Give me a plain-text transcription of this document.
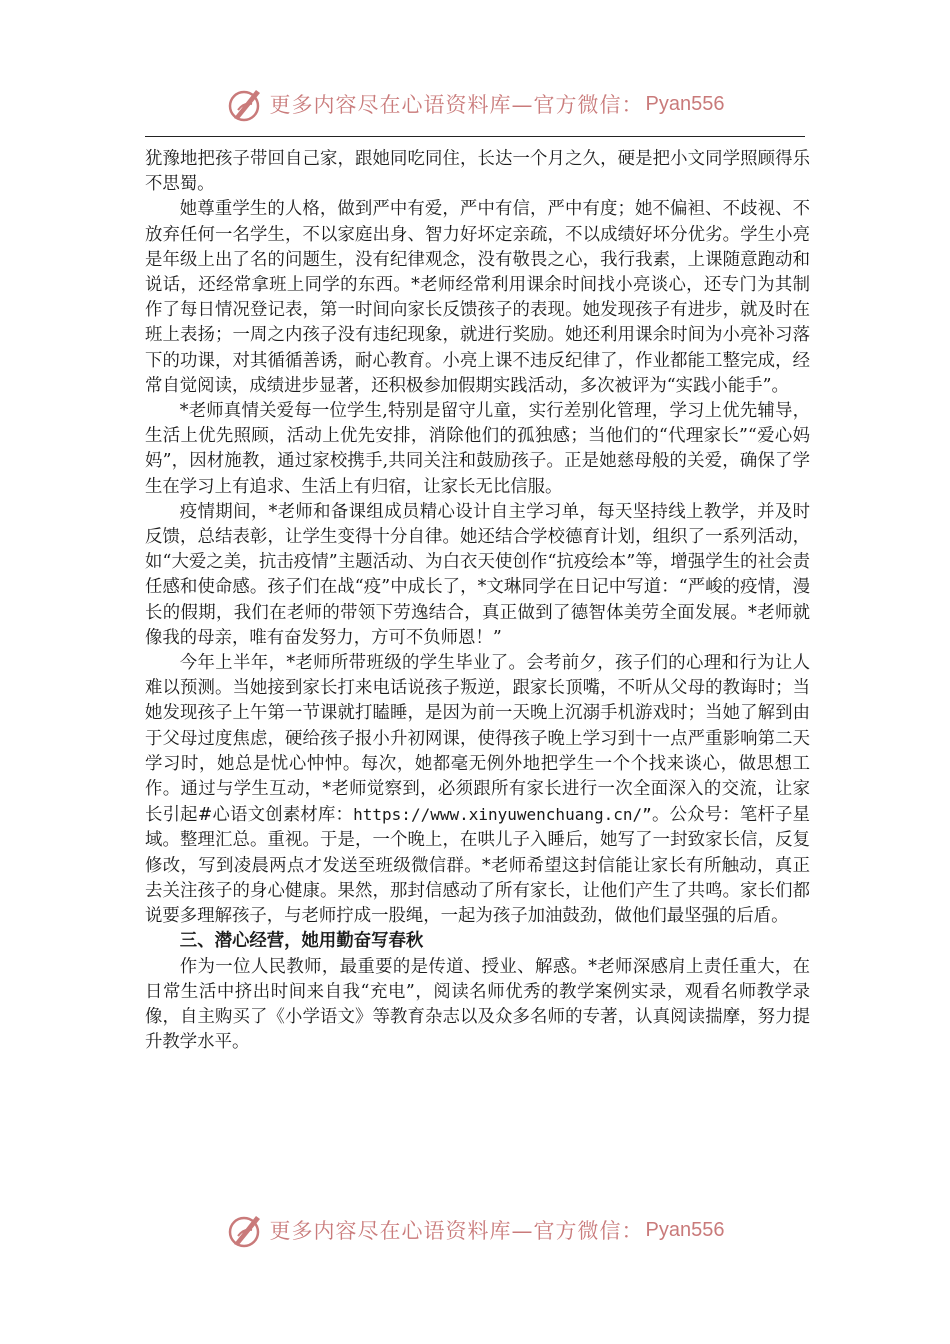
更多内容尽在心语资料库—官方微信： Pyan556

犹豫地把孩子带回自己家，跟她同吃同住，长达一个月之久，硬是把小文同学照顾得乐不思蜀。

她尊重学生的人格，做到严中有爱，严中有信，严中有度；她不偏袒、不歧视、不放弃任何一名学生，不以家庭出身、智力好坏定亲疏，不以成绩好坏分优劣。学生小亮是年级上出了名的问题生，没有纪律观念，没有敬畏之心，我行我素，上课随意跑动和说话，还经常拿班上同学的东西。*老师经常利用课余时间找小亮谈心，还专门为其制作了每日情况登记表，第一时间向家长反馈孩子的表现。她发现孩子有进步，就及时在班上表扬；一周之内孩子没有违纪现象，就进行奖励。她还利用课余时间为小亮补习落下的功课，对其循循善诱，耐心教育。小亮上课不违反纪律了，作业都能工整完成，经常自觉阅读，成绩进步显著，还积极参加假期实践活动，多次被评为“实践小能手”。

*老师真情关爱每一位学生,特别是留守儿童，实行差别化管理，学习上优先辅导，生活上优先照顾，活动上优先安排，消除他们的孤独感；当他们的“代理家长”“爱心妈妈”，因材施教，通过家校携手,共同关注和鼓励孩子。正是她慈母般的关爱，确保了学生在学习上有追求、生活上有归宿，让家长无比信服。

疫情期间，*老师和备课组成员精心设计自主学习单，每天坚持线上教学，并及时反馈，总结表彰，让学生变得十分自律。她还结合学校德育计划，组织了一系列活动，如“大爱之美，抗击疫情”主题活动、为白衣天使创作“抗疫绘本”等，增强学生的社会责任感和使命感。孩子们在战“疫”中成长了，*文琳同学在日记中写道：“严峻的疫情，漫长的假期，我们在老师的带领下劳逸结合，真正做到了德智体美劳全面发展。*老师就像我的母亲，唯有奋发努力，方可不负师恩！”

今年上半年，*老师所带班级的学生毕业了。会考前夕，孩子们的心理和行为让人难以预测。当她接到家长打来电话说孩子叛逆，跟家长顶嘴，不听从父母的教诲时；当她发现孩子上午第一节课就打瞌睡，是因为前一天晚上沉溺手机游戏时；当她了解到由于父母过度焦虑，硬给孩子报小升初网课，使得孩子晚上学习到十一点严重影响第二天学习时，她总是忧心忡忡。每次，她都毫无例外地把学生一个个找来谈心，做思想工作。通过与学生互动，*老师觉察到，必须跟所有家长进行一次全面深入的交流，让家长引起#心语文创素材库：https://www.xinyuwenchuang.cn/”。公众号：笔杆子星域。整理汇总。重视。于是，一个晚上，在哄儿子入睡后，她写了一封致家长信，反复修改，写到凌晨两点才发送至班级微信群。*老师希望这封信能让家长有所触动，真正去关注孩子的身心健康。果然，那封信感动了所有家长，让他们产生了共鸣。家长们都说要多理解孩子，与老师拧成一股绳，一起为孩子加油鼓劲，做他们最坚强的后盾。

三、潜心经营，她用勤奋写春秋

作为一位人民教师，最重要的是传道、授业、解惑。*老师深感肩上责任重大，在日常生活中挤出时间来自我“充电”，阅读名师优秀的教学案例实录，观看名师教学录像，自主购买了《小学语文》等教育杂志以及众多名师的专著，认真阅读揣摩，努力提升教学水平。

更多内容尽在心语资料库—官方微信： Pyan556
